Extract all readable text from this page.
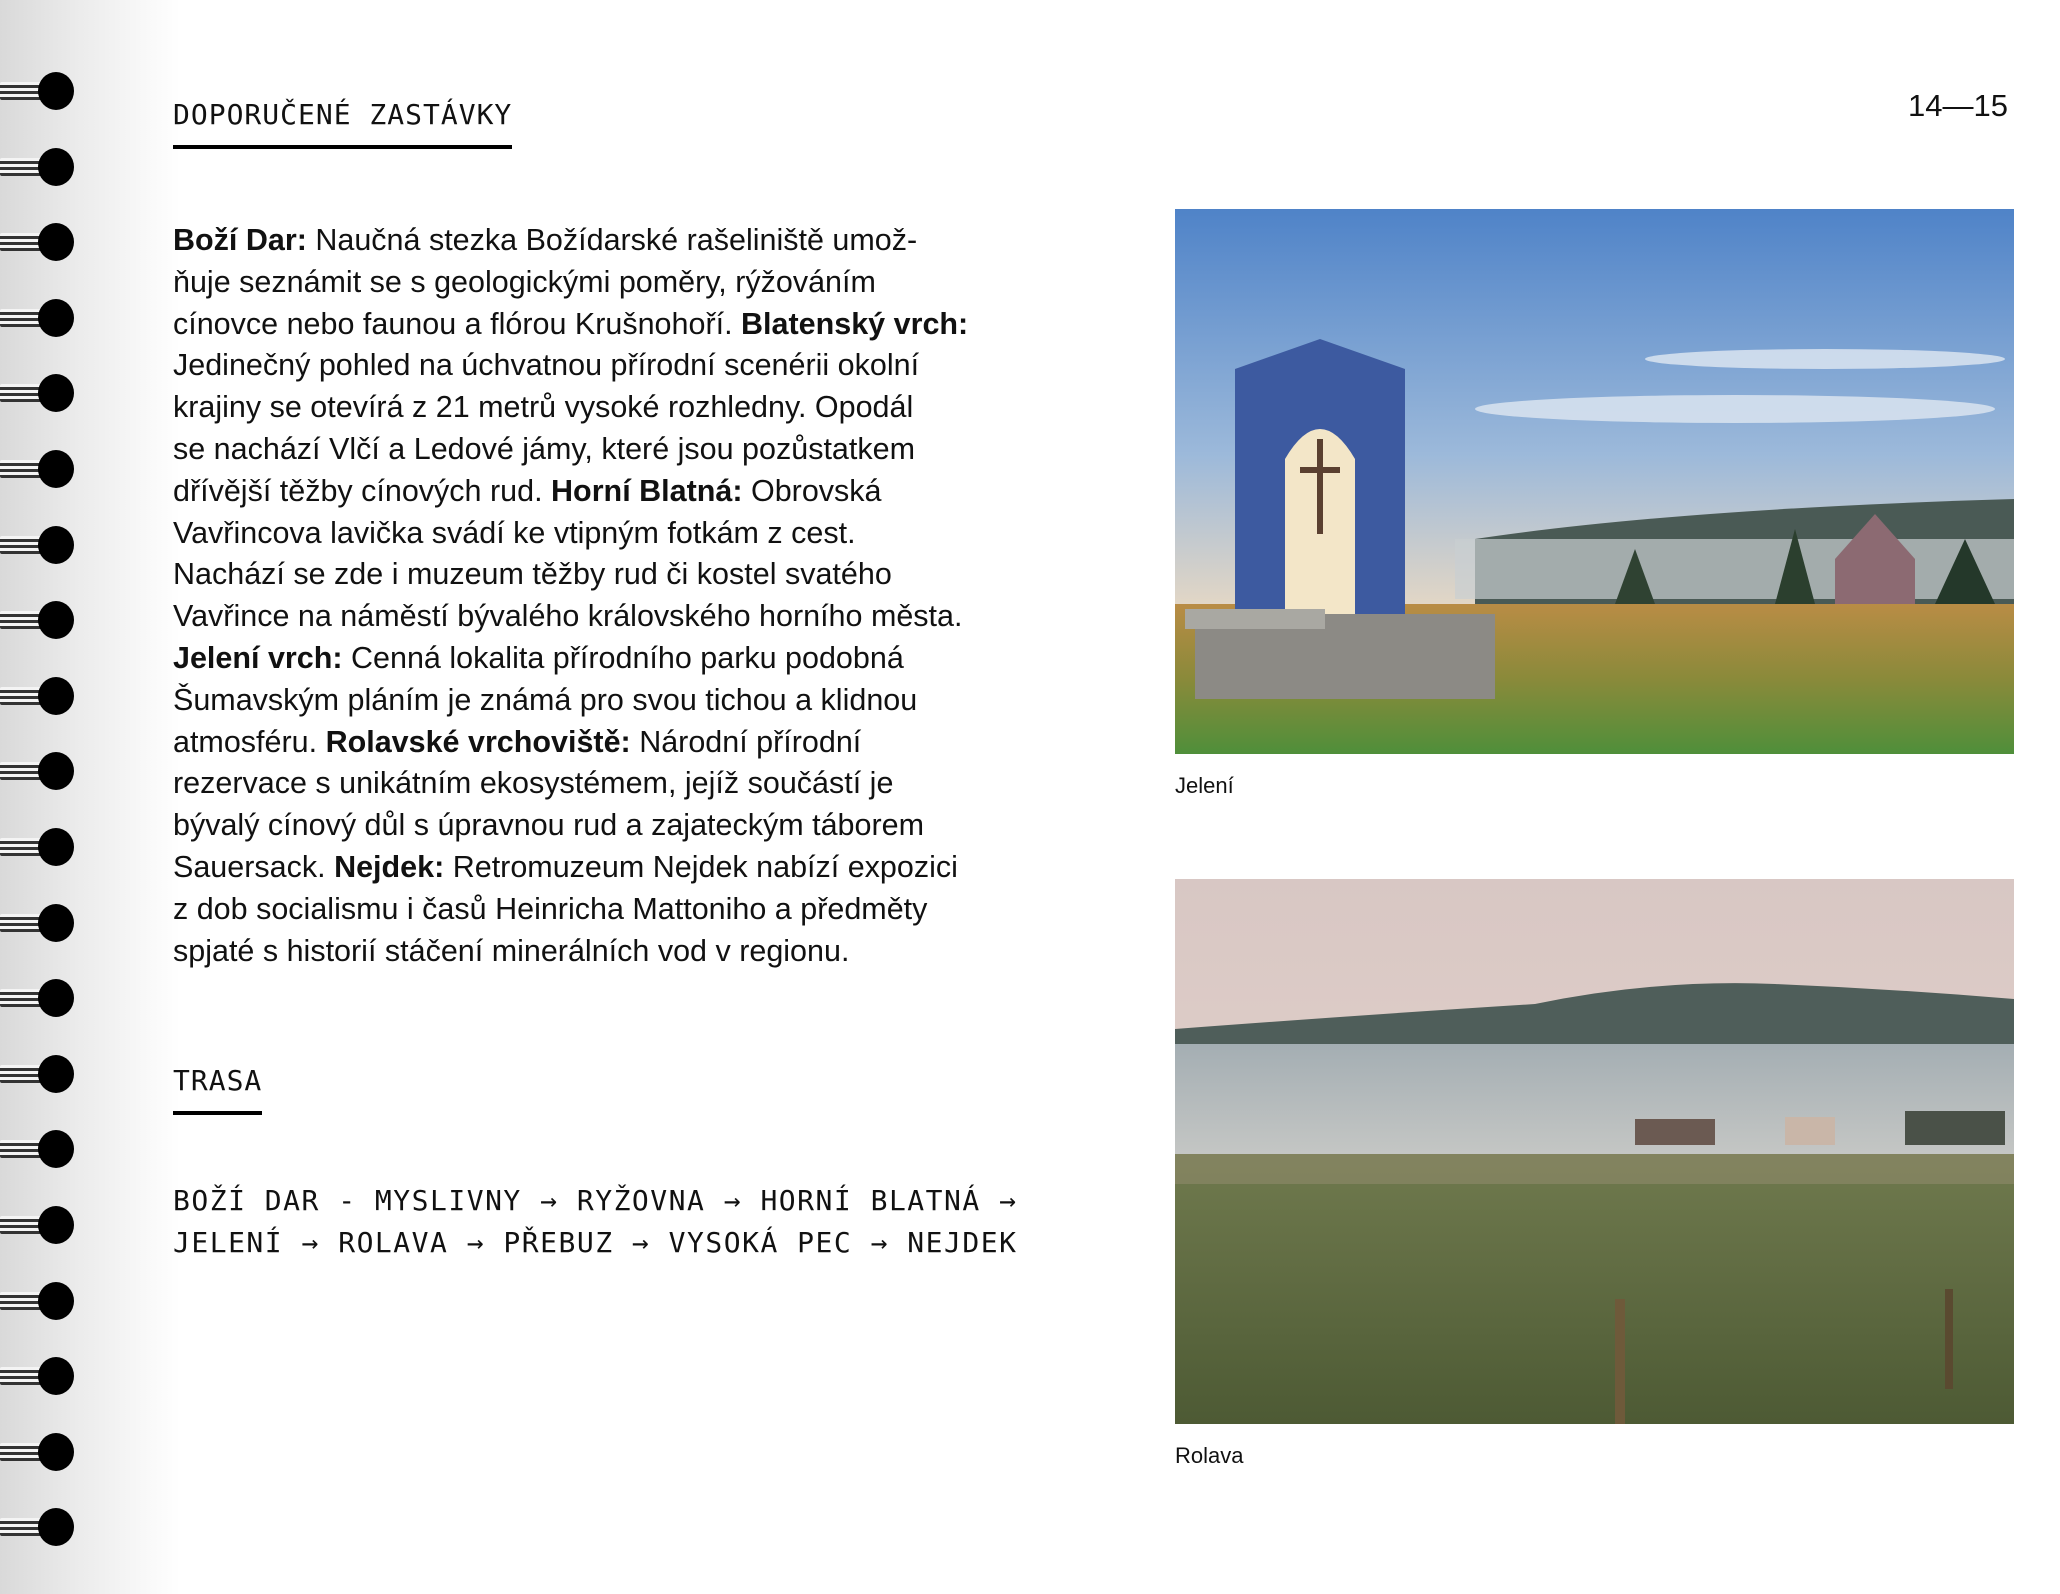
DOPORUČENÉ ZASTÁVKY	14—15
Boží Dar: Naučná stezka Božídarské rašeliniště umož-
ňuje seznámit se s geologickými poměry, rýžováním
cínovce nebo faunou a flórou Krušnohoří. Blatenský vrch:
Jedinečný pohled na úchvatnou přírodní scenérii okolní
krajiny se otevírá z 21 metrů vysoké rozhledny. Opodál
se nachází Vlčí a Ledové jámy, které jsou pozůstatkem
dřívější těžby cínových rud. Horní Blatná: Obrovská
Vavřincova lavička svádí ke vtipným fotkám z cest.
Nachází se zde i muzeum těžby rud či kostel svatého
Vavřince na náměstí bývalého královského horního města.
Jelení vrch: Cenná lokalita přírodního parku podobná
Šumavským pláním je známá pro svou tichou a klidnou
atmosféru. Rolavské vrchoviště: Národní přírodní
rezervace s unikátním ekosystémem, jejíž součástí je
bývalý cínový důl s úpravnou rud a zajateckým táborem
Sauersack. Nejdek: Retromuzeum Nejdek nabízí expozici
z dob socialismu i časů Heinricha Mattoniho a předměty
spjaté s historií stáčení minerálních vod v regionu.
TRASA
BOŽÍ DAR - MYSLIVNY → RYŽOVNA → HORNÍ BLATNÁ →
JELENÍ → ROLAVA → PŘEBUZ → VYSOKÁ PEC → NEJDEK
Jelení
Rolava
